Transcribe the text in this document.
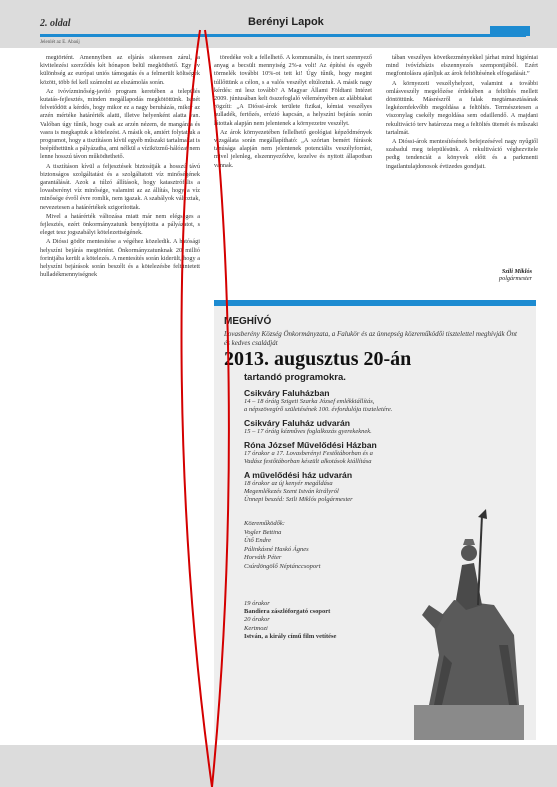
2. oldal	Berényi Lapok
Jelenlét az E. Abaúj

megtörtént. Amennyiben az eljárás sikeresen zárul, a kivitelezési szerződés két hónapon belül megköthető. Egy év különbség az európai uniós támogatás és a felmerült költségek között, több fel kell számolni az elszámolás során.

Az ivóvízminőség-javító program keretében a település kutatás-fejlesztés, minden megállapodás megkötöttünk. Ismét felvetődött a kérdés, hogy mikor ez a nagy beruházás, mikor az arzén mértéke határérték alatti, illetve helyenként alatta van. Valóban úgy tűnik, hogy csak az arzén nézem, de mangánra és vasra is megkaptuk a kötelezést. A másik ok, amiért folytatjuk a programot, hogy a tisztításon kívül egyéb műszaki tartalmakat is beépíthettünk a pályázatba, ami nélkül a víziközmű-hálózat nem lenne hosszú távon működtethető.

A tisztításon kívül a feljesztések biztosítják a hosszú távú biztonságos szolgáltatást és a szolgáltatott víz minőségének garantálását. Azok a túlzó állítások, hogy katasztrófális a lovasberényi víz minősége, valamint az az állítás, hogy a víz minősége évről évre romlik, nem igazak. A szabályok változtak, nevezetesen a határértékek szigorítottak.

Mivel a határérték változása miatt már nem elégséges a fejlesztés, ezért önkormányzatunk benyújtotta a pályázatot, s eleget tesz jogszabályi kötelezettségének.

A Dióssi gödör mentesítése a végéhez közeledik. A hatósági helyszíni bejárás megtörtént. Önkormányzatunknak 20 millió forintjába került a kötelezés. A mentesítés során kiderült, hogy a helyszíni bejárások során beszélt és a kötelezésbe feltüntetett hulladékmennyiségnek

töredéke volt a fellelhető. A kommunális, és inert szennyező anyag a becsült mennyiség 2%-a volt! Az építési és egyéb törmelék további 10%-ot tett ki! Úgy tűnik, hogy megint túllőttünk a célon, s a valós veszélyt eltúloztuk. A másik nagy kérdés: mi lesz tovább? A Magyar Állami Földtani Intézet 2009. júniusában kelt összefoglaló véleményében az alábbiakat rögzíti: „A Dióssi-árok területe fizikai, kémiai veszélyes hulladék, fertőzés, erózió kapcsán, a helyszíni bejárás során látottak alapján nem jelentenek a környezetre veszélyt.

Az árok környezetében fellelhető geológiai képződmények vizsgálata során megállapítható: „A szórtan bemért fúrások tanúsága alapján nem jelentenek potenciális veszélyforrást, mivel jelenleg, elszennyeződve, kezelve és nyitott állapotban vannak.

tában veszélyes következményekkel járhat mind higiéniai mind ivóvízbázis elszennyezés szempontjából. Ezért megfontolásra ajánljuk az árok feltöltésének elfogadását.”

A környezeti veszélyhelyzet, valamint a további omlásveszély megelőzése érdekében a feltöltés mellett döntöttünk. Másrészről a falak megtámasztásának legkézenfekvőbb megoldása a feltöltés. Természetesen a viszonylag csekély megoldása sem odaillendő. A majdani rekultiváció terv határozza meg a feltöltés ütemét és műszaki tartalmát.

A Dióssi-árok mentesítésének befejezésével nagy nyűgtől szabadul meg településünk. A rekultiváció véghezvitele pedig tendenciát a könyvek előtt és a parkmenti ingatlantulajdonosok évtizedes gondjait.

Szili Miklós
polgármester
MEGHÍVÓ
Lovasberény Község Önkormányzata, a Falukör és az ünnepség közreműködői tisztelettel meghívják Önt és kedves családját
2013. augusztus 20-án
tartandó programokra.
Csikváry Faluházban
14 – 18 óráig Szigeti Szarka József emlékkiállítás,
a népszövegírő születésének 100. évfordulója tiszteletére.
Csikváry Faluház udvarán
15 – 17 óráig kézműves foglalkozás gyerekeknek.
Róna József Művelődési Házban
17 órakor a 17. Lovasberényi Festőtáborban és a
Vadász festőtáborban készült alkotások kiállítása
A művelődési ház udvarán
18 órakor az új kenyér megáldása
Megemlékezés Szent István királyról
Ünnepi beszéd: Szili Miklós polgármester
Közreműködők:
Vogler Bettina
Ütő Endre
Pálinkásné Haskó Ágnes
Horváth Péter
Csúrdöngölő Néptánccsoport
19 órakor
Bandiera zászlóforgató csoport
20 órakor
Kertmozi
István, a király című film vetítése
